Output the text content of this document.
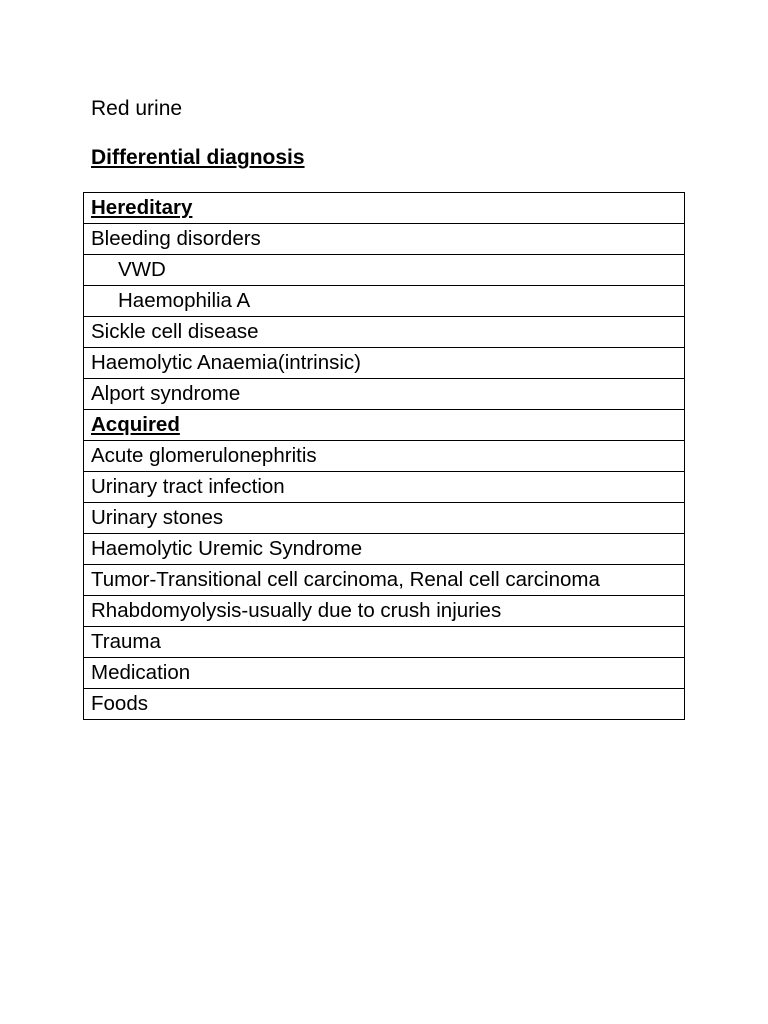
Red urine
Differential diagnosis
Hereditary
Bleeding disorders
VWD
Haemophilia A
Sickle cell disease
Haemolytic Anaemia(intrinsic)
Alport syndrome
Acquired
Acute glomerulonephritis
Urinary tract infection
Urinary stones
Haemolytic Uremic Syndrome
Tumor-Transitional cell carcinoma, Renal cell carcinoma
Rhabdomyolysis-usually due to crush injuries
Trauma
Medication
Foods
